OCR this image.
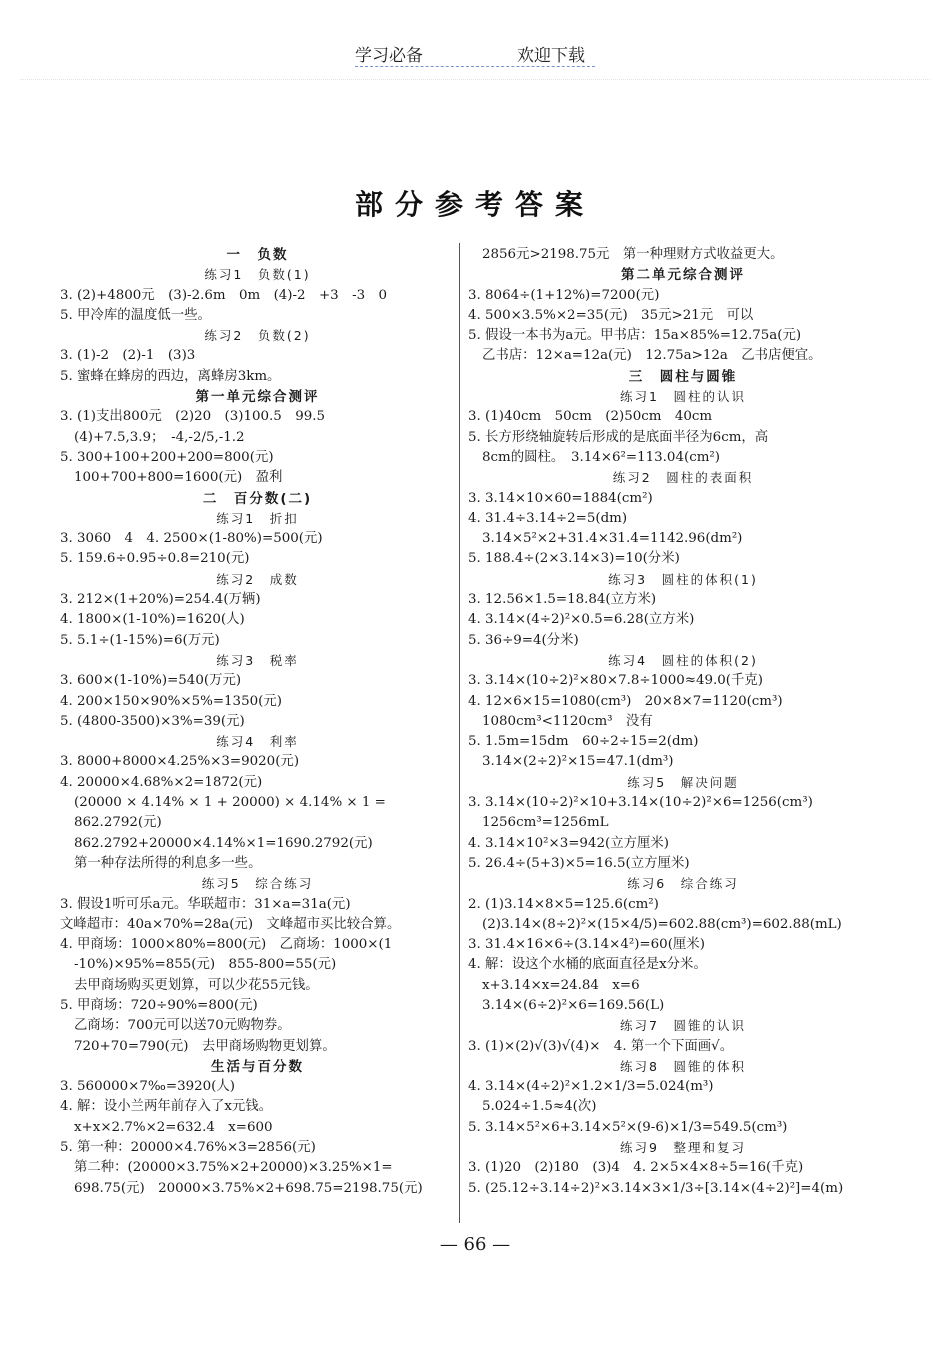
学习必备	欢迎下载
部分参考答案
一　负数
练习1　负数(1)
3. (2)+4800元　(3)-2.6m　0m　(4)-2　+3　-3　0
5. 甲冷库的温度低一些。
练习2　负数(2)
3. (1)-2　(2)-1　(3)3
5. 蜜蜂在蜂房的西边，离蜂房3km。
第一单元综合测评
3. (1)支出800元　(2)20　(3)100.5　99.5
(4)+7.5,3.9；　-4,-2/5,-1.2
5. 300+100+200+200=800(元)
100+700+800=1600(元)　盈利
二　百分数(二)
练习1　折扣
3. 3060　4　4. 2500×(1-80%)=500(元)
5. 159.6÷0.95÷0.8=210(元)
练习2　成数
3. 212×(1+20%)=254.4(万辆)
4. 1800×(1-10%)=1620(人)
5. 5.1÷(1-15%)=6(万元)
练习3　税率
3. 600×(1-10%)=540(万元)
4. 200×150×90%×5%=1350(元)
5. (4800-3500)×3%=39(元)
练习4　利率
3. 8000+8000×4.25%×3=9020(元)
4. 20000×4.68%×2=1872(元)
(20000 × 4.14% × 1 + 20000) × 4.14% × 1 =
862.2792(元)
862.2792+20000×4.14%×1=1690.2792(元)
第一种存法所得的利息多一些。
练习5　综合练习
3. 假设1听可乐a元。华联超市：31×a=31a(元)
文峰超市：40a×70%=28a(元)　文峰超市买比较合算。
4. 甲商场：1000×80%=800(元)　乙商场：1000×(1
-10%)×95%=855(元)　855-800=55(元)
去甲商场购买更划算，可以少花55元钱。
5. 甲商场：720÷90%=800(元)
乙商场：700元可以送70元购物券。
720+70=790(元)　去甲商场购物更划算。
生活与百分数
3. 560000×7‰=3920(人)
4. 解：设小兰两年前存入了x元钱。
x+x×2.7%×2=632.4　x=600
5. 第一种：20000×4.76%×3=2856(元)
第二种：(20000×3.75%×2+20000)×3.25%×1=
698.75(元)　20000×3.75%×2+698.75=2198.75(元)
2856元>2198.75元　第一种理财方式收益更大。
第二单元综合测评
3. 8064÷(1+12%)=7200(元)
4. 500×3.5%×2=35(元)　35元>21元　可以
5. 假设一本书为a元。甲书店：15a×85%=12.75a(元)
乙书店：12×a=12a(元)　12.75a>12a　乙书店便宜。
三　圆柱与圆锥
练习1　圆柱的认识
3. (1)40cm　50cm　(2)50cm　40cm
5. 长方形绕轴旋转后形成的是底面半径为6cm，高
8cm的圆柱。　3.14×6²=113.04(cm²)
练习2　圆柱的表面积
3. 3.14×10×60=1884(cm²)
4. 31.4÷3.14÷2=5(dm)
3.14×5²×2+31.4×31.4=1142.96(dm²)
5. 188.4÷(2×3.14×3)=10(分米)
练习3　圆柱的体积(1)
3. 12.56×1.5=18.84(立方米)
4. 3.14×(4÷2)²×0.5=6.28(立方米)
5. 36÷9=4(分米)
练习4　圆柱的体积(2)
3. 3.14×(10÷2)²×80×7.8÷1000≈49.0(千克)
4. 12×6×15=1080(cm³)　20×8×7=1120(cm³)
1080cm³<1120cm³　没有
5. 1.5m=15dm　60÷2÷15=2(dm)
3.14×(2÷2)²×15=47.1(dm³)
练习5　解决问题
3. 3.14×(10÷2)²×10+3.14×(10÷2)²×6=1256(cm³)
1256cm³=1256mL
4. 3.14×10²×3=942(立方厘米)
5. 26.4÷(5+3)×5=16.5(立方厘米)
练习6　综合练习
2. (1)3.14×8×5=125.6(cm²)
(2)3.14×(8÷2)²×(15×4/5)=602.88(cm³)=602.88(mL)
3. 31.4×16×6÷(3.14×4²)=60(厘米)
4. 解：设这个水桶的底面直径是x分米。
x+3.14×x=24.84　x=6
3.14×(6÷2)²×6=169.56(L)
练习7　圆锥的认识
3. (1)×(2)√(3)√(4)×　4. 第一个下面画√。
练习8　圆锥的体积
4. 3.14×(4÷2)²×1.2×1/3=5.024(m³)
5.024÷1.5≈4(次)
5. 3.14×5²×6+3.14×5²×(9-6)×1/3=549.5(cm³)
练习9　整理和复习
3. (1)20　(2)180　(3)4　4. 2×5×4×8÷5=16(千克)
5. (25.12÷3.14÷2)²×3.14×3×1/3÷[3.14×(4÷2)²]=4(m)
— 66 —
